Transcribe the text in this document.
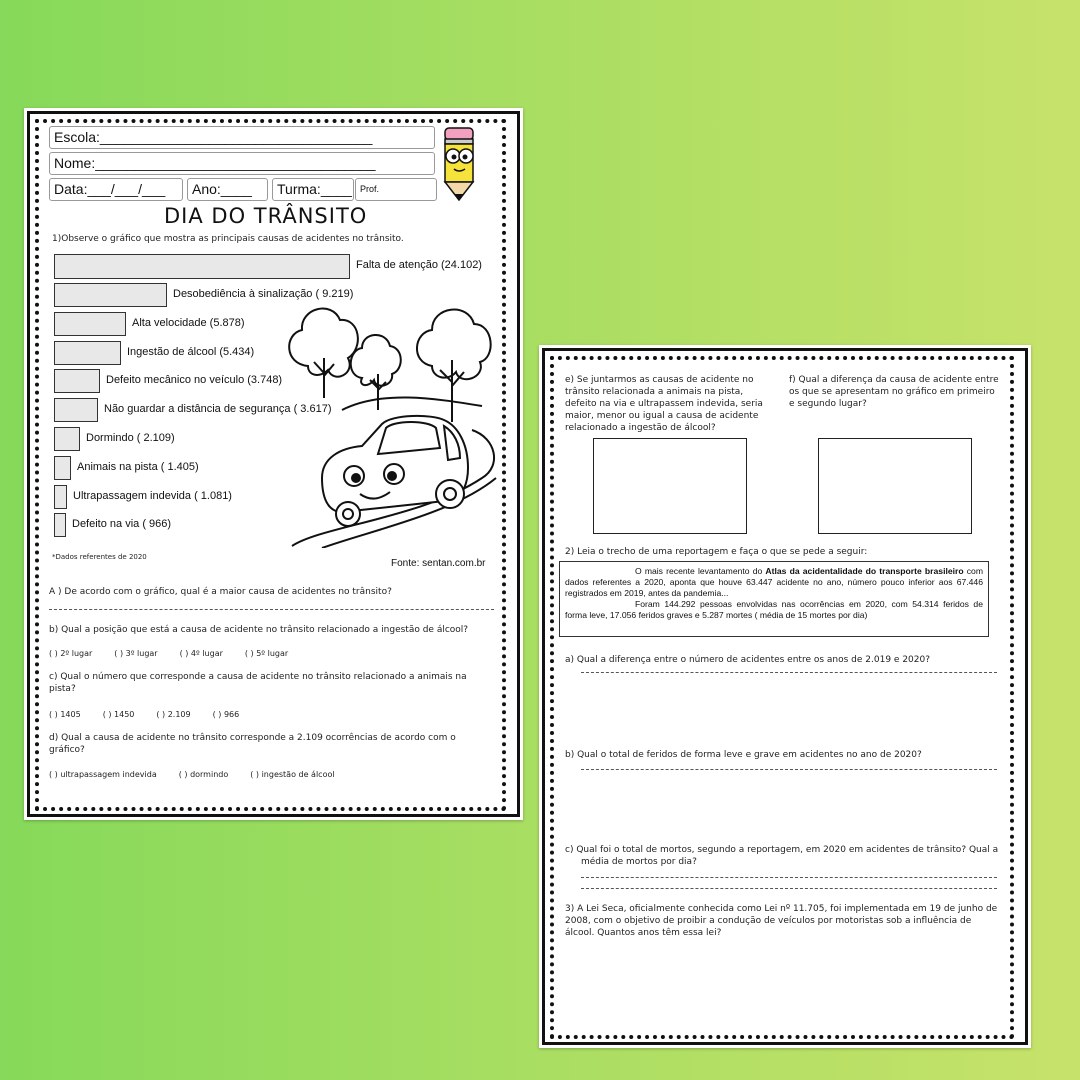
Escola:___________________________________
Nome:____________________________________
Data:___/___/___	Ano:____	Turma:____ Prof.
DIA DO TRÂNSITO
1)Observe o gráfico que mostra as principais causas de acidentes no trânsito.
Falta de atenção (24.102)
Desobediência à sinalização ( 9.219)
Alta velocidade (5.878)
Ingestão de álcool (5.434)
Defeito mecânico no veículo (3.748)
Não guardar a distância de segurança ( 3.617)
Dormindo ( 2.109)
Animais na pista ( 1.405)
Ultrapassagem indevida ( 1.081)
Defeito na via ( 966)
*Dados referentes de 2020
Fonte: sentan.com.br
A ) De acordo com o gráfico, qual é a maior causa de acidentes no trânsito?
b) Qual a posição que está a causa de acidente no trânsito relacionado a ingestão de álcool?
( ) 2º lugar	( ) 3º lugar	( ) 4º lugar	( ) 5º lugar
c) Qual o número que corresponde a causa de acidente no trânsito relacionado a animais na pista?
( ) 1405	( ) 1450	( ) 2.109	( ) 966
d) Qual a causa de acidente no trânsito corresponde a 2.109 ocorrências de acordo com o gráfico?
( ) ultrapassagem indevida	( ) dormindo	( ) ingestão de álcool
e) Se juntarmos as causas de acidente no trânsito relacionada a animais na pista, defeito na via e ultrapassem indevida, seria maior, menor ou igual a causa de acidente relacionado a ingestão de álcool?
f) Qual a diferença da causa de acidente entre os que se apresentam no gráfico em primeiro e segundo lugar?
2) Leia o trecho de uma reportagem e faça o que se pede a seguir:
O mais recente levantamento do Atlas da acidentalidade do transporte brasileiro com dados referentes a 2020, aponta que houve 63.447 acidente no ano, número pouco inferior aos 67.446 registrados em 2019, antes da pandemia...
Foram 144.292 pessoas envolvidas nas ocorrências em 2020, com 54.314 feridos de forma leve, 17.056 feridos graves e 5.287 mortes ( média de 15 mortes por dia)
a) Qual a diferença entre o número de acidentes entre os anos de 2.019 e 2020?
b) Qual o total de feridos de forma leve e grave em acidentes no ano de 2020?
c) Qual foi o total de mortos, segundo a reportagem, em 2020 em acidentes de trânsito? Qual a média de mortos por dia?
3) A Lei Seca, oficialmente conhecida como Lei nº 11.705, foi implementada em 19 de junho de 2008, com o objetivo de proibir a condução de veículos por motoristas sob a influência de álcool. Quantos anos têm essa lei?
